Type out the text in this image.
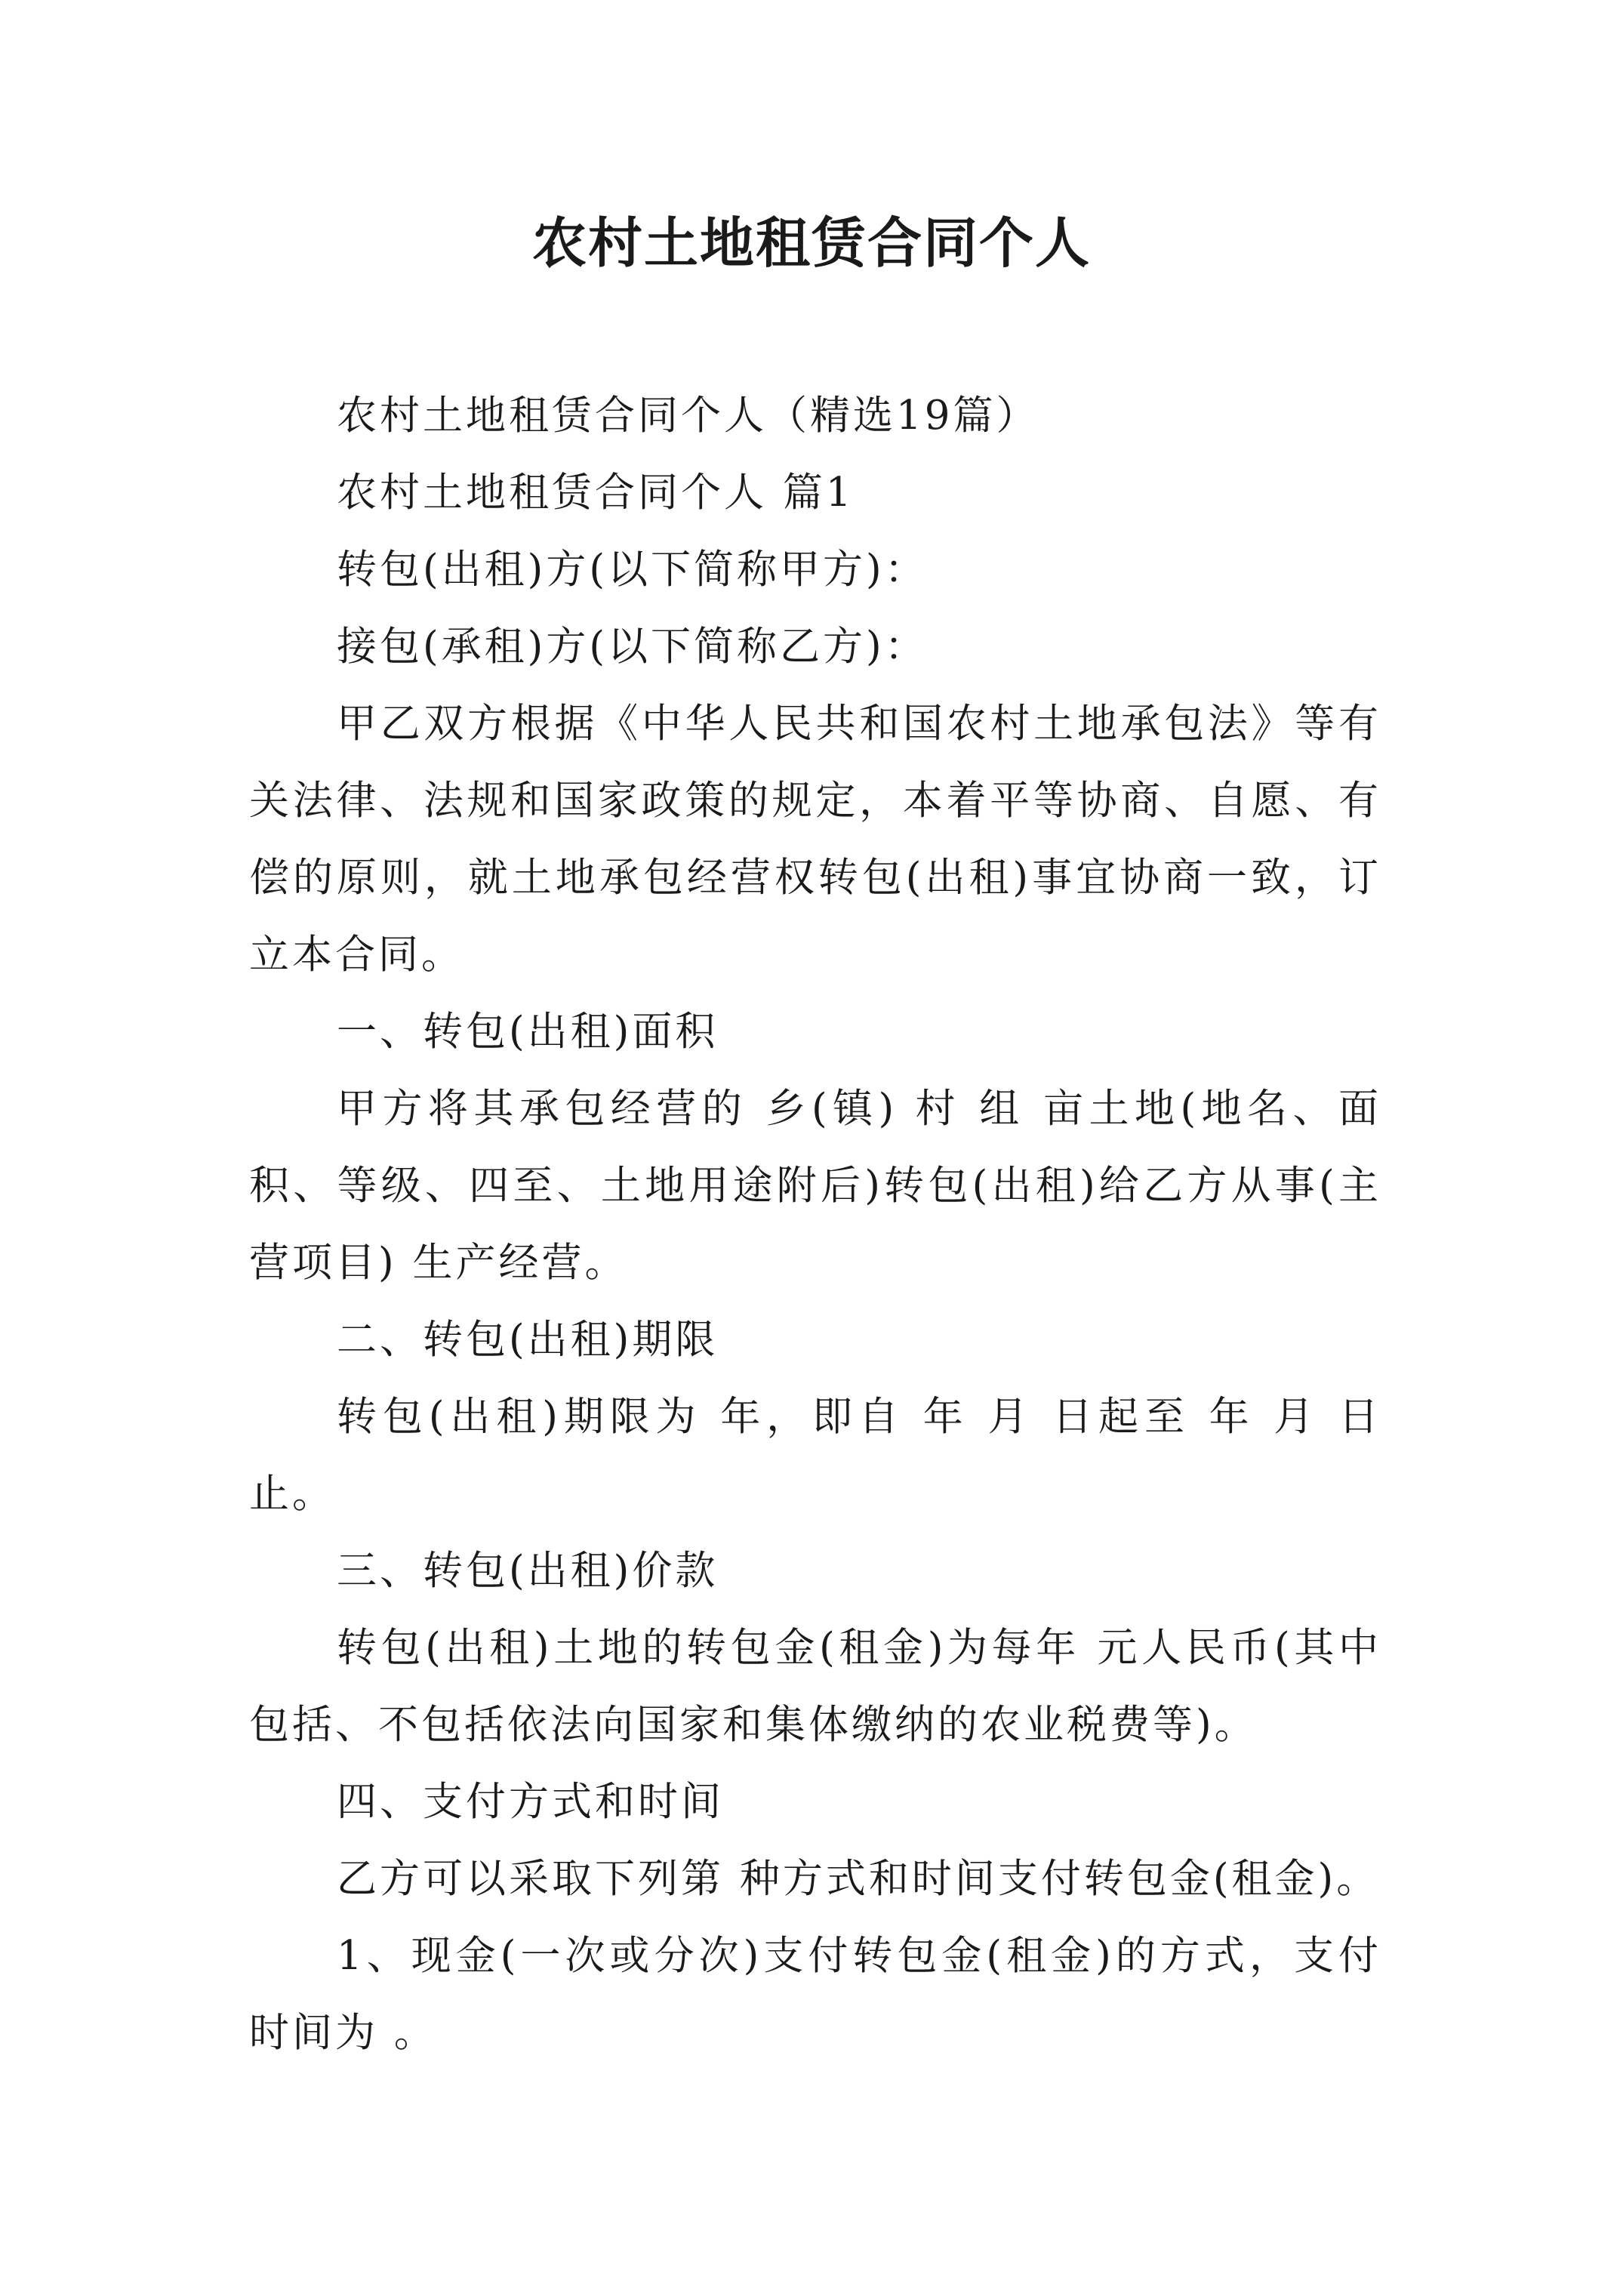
农村土地租赁合同个人

农村土地租赁合同个人（精选19篇）

农村土地租赁合同个人 篇1

转包(出租)方(以下简称甲方)：

接包(承租)方(以下简称乙方)：

甲乙双方根据《中华人民共和国农村土地承包法》等有关法律、法规和国家政策的规定，本着平等协商、自愿、有偿的原则，就土地承包经营权转包(出租)事宜协商一致，订立本合同。

一、转包(出租)面积

甲方将其承包经营的 乡(镇) 村 组 亩土地(地名、面积、等级、四至、土地用途附后)转包(出租)给乙方从事(主营项目) 生产经营。

二、转包(出租)期限

转包(出租)期限为 年，即自 年 月 日起至 年 月 日止。

三、转包(出租)价款

转包(出租)土地的转包金(租金)为每年 元人民币(其中包括、不包括依法向国家和集体缴纳的农业税费等)。

四、支付方式和时间

乙方可以采取下列第 种方式和时间支付转包金(租金)。

1、现金(一次或分次)支付转包金(租金)的方式，支付时间为 。
